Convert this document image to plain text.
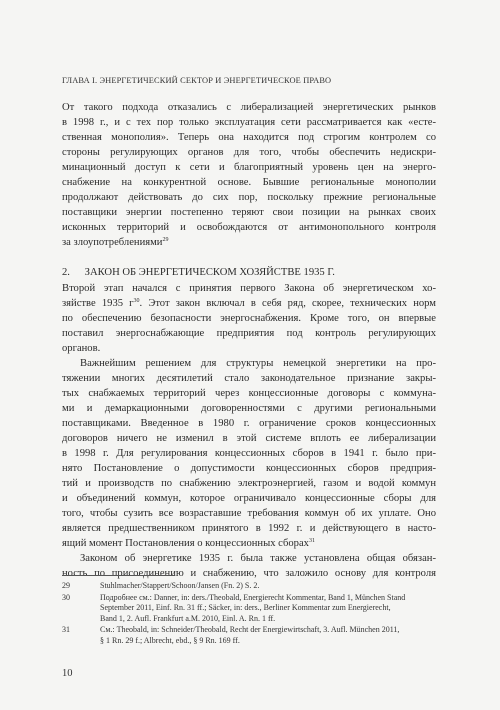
ГЛАВА I. ЭНЕРГЕТИЧЕСКИЙ СЕКТОР И ЭНЕРГЕТИЧЕСКОЕ ПРАВО
От такого подхода отказались с либерализацией энергетических рынков
в 1998 г., и с тех пор только эксплуатация сети рассматривается как «есте-
ственная монополия». Теперь она находится под строгим контролем со
стороны регулирующих органов для того, чтобы обеспечить недискри-
минационный доступ к сети и благоприятный уровень цен на энерго-
снабжение на конкурентной основе. Бывшие региональные монополии
продолжают действовать до сих пор, поскольку прежние региональные
поставщики энергии постепенно теряют свои позиции на рынках своих
исконных территорий и освобождаются от антимонопольного контроля
за злоупотреблениями$^{29}$
2. ЗАКОН ОБ ЭНЕРГЕТИЧЕСКОМ ХОЗЯЙСТВЕ 1935 Г.
Второй этап начался с принятия первого Закона об энергетическом хо-
зяйстве 1935 $г^{30}$. Этот закон включал в себя ряд, скорее, технических норм
по обеспечению безопасности энергоснабжения. Кроме того, он впервые
поставил энергоснабжающие предприятия под контроль регулирующих
органов.
Важнейшим решением для структуры немецкой энергетики на про-
тяжении многих десятилетий стало законодательное признание закры-
тых снабжаемых территорий через концессионные договоры с коммуна-
ми и демаркационными договоренностями с другими региональными
поставщиками. Введенное в 1980 г. ограничение сроков концессионных
договоров ничего не изменил в этой системе вплоть ее либерализации
в 1998 г. Для регулирования концессионных сборов в 1941 г. было при-
нято Постановление о допустимости концессионных сборов предприя-
тий и производств по снабжению электроэнергией, газом и водой коммун
и объединений коммун, которое ограничивало концессионные сборы для
того, чтобы сузить все возраставшие требования коммун об их уплате. Оно
является предшественником принятого в 1992 г. и действующего в насто-
ящий момент Постановления о концессионных сборах$^{31}$
Законом об энергетике 1935 г. была также установлена общая обязан-
ность по присоединению и снабжению, что заложило основу для контроля
29	Stuhlmacher/Stappert/Schoon/Jansen (Fn. 2) S. 2.
30	Подробнее см.: Danner, in: ders./Theobald, Energierecht Kommentar, Band 1, München Stand
September 2011, Einf. Rn. 31 ff.; Säcker, in: ders., Berliner Kommentar zum Energierecht,
Band 1, 2. Aufl. Frankfurt a.M. 2010, Einl. A. Rn. 1 ff.
31	См.: Theobald, in: Schneider/Theobald, Recht der Energiewirtschaft, 3. Aufl. München 2011,
§ 1 Rn. 29 f.; Albrecht, ebd., § 9 Rn. 169 ff.
10
